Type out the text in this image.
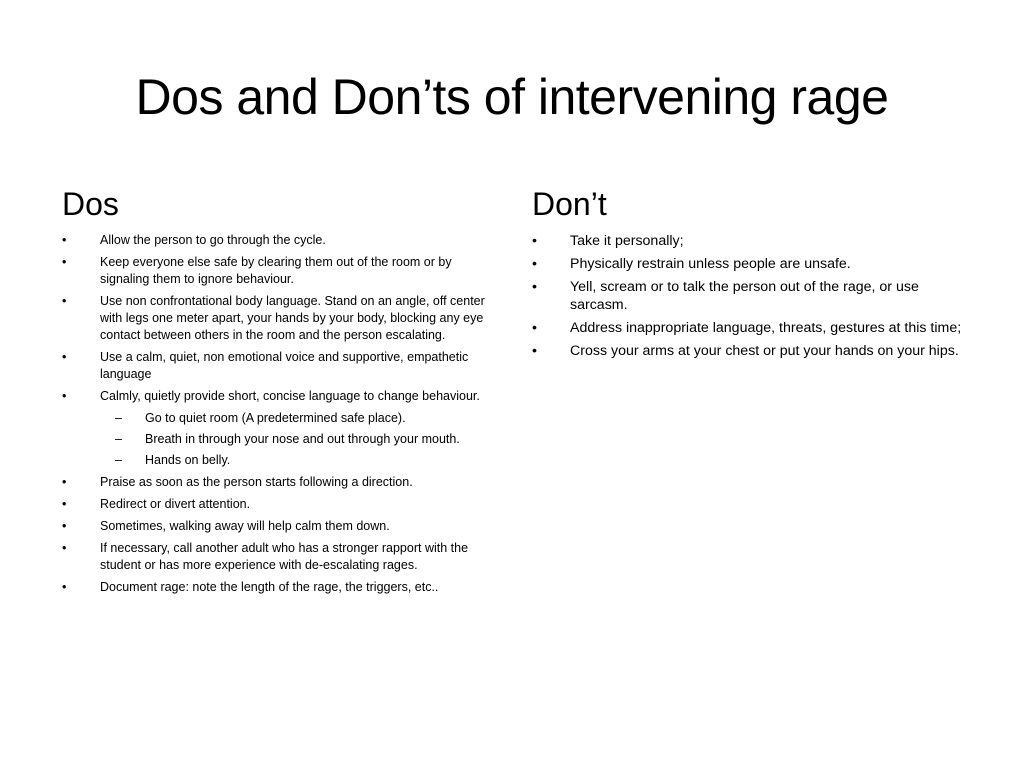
Dos and Don’ts of intervening rage
Dos
•	Allow the person to go through the cycle.
•	Keep everyone else safe by clearing them out of the room or by signaling them to ignore behaviour.
•	Use non confrontational body language. Stand on an angle, off center with legs one meter apart, your hands by your body, blocking any eye contact between others in the room and the person escalating.
•	Use a calm, quiet, non emotional voice and supportive, empathetic language
•	Calmly, quietly provide short, concise language to change behaviour.
– Go to quiet room (A predetermined safe place).
– Breath in through your nose and out through your mouth.
– Hands on belly.
•	Praise as soon as the person starts following a direction.
•	Redirect or divert attention.
•	Sometimes, walking away will help calm them down.
•	If necessary, call another adult who has a stronger rapport with the student or has more experience with de-escalating rages.
•	Document rage: note the length of the rage, the triggers, etc..
Don’t
• Take it personally;
• Physically restrain unless people are unsafe.
• Yell, scream or to talk the person out of the rage, or use sarcasm.
• Address inappropriate language, threats, gestures at this time;
• Cross your arms at your chest or put your hands on your hips.
